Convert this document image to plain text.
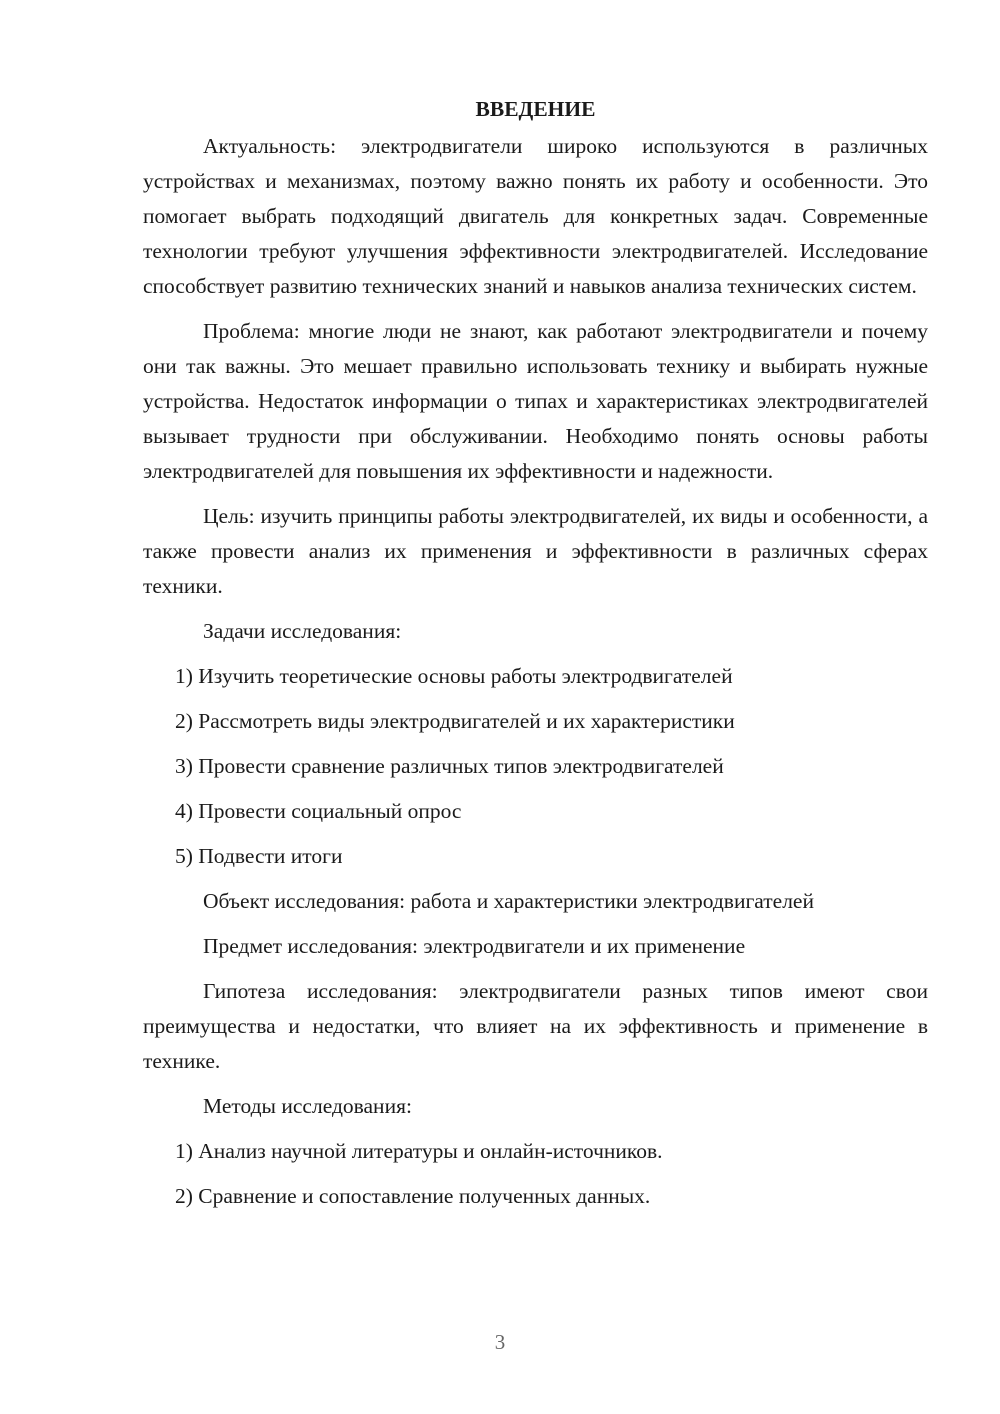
ВВЕДЕНИЕ

Актуальность: электродвигатели широко используются в различных устройствах и механизмах, поэтому важно понять их работу и особенности. Это помогает выбрать подходящий двигатель для конкретных задач. Современные технологии требуют улучшения эффективности электродвигателей. Исследование способствует развитию технических знаний и навыков анализа технических систем.

Проблема: многие люди не знают, как работают электродвигатели и почему они так важны. Это мешает правильно использовать технику и выбирать нужные устройства. Недостаток информации о типах и характеристиках электродвигателей вызывает трудности при обслуживании. Необходимо понять основы работы электродвигателей для повышения их эффективности и надежности.

Цель: изучить принципы работы электродвигателей, их виды и особенности, а также провести анализ их применения и эффективности в различных сферах техники.

Задачи исследования:

1) Изучить теоретические основы работы электродвигателей

2) Рассмотреть виды электродвигателей и их характеристики

3) Провести сравнение различных типов электродвигателей

4) Провести социальный опрос

5) Подвести итоги

Объект исследования: работа и характеристики электродвигателей

Предмет исследования: электродвигатели и их применение

Гипотеза исследования: электродвигатели разных типов имеют свои преимущества и недостатки, что влияет на их эффективность и применение в технике.

Методы исследования:

1) Анализ научной литературы и онлайн-источников.

2) Сравнение и сопоставление полученных данных.

3
